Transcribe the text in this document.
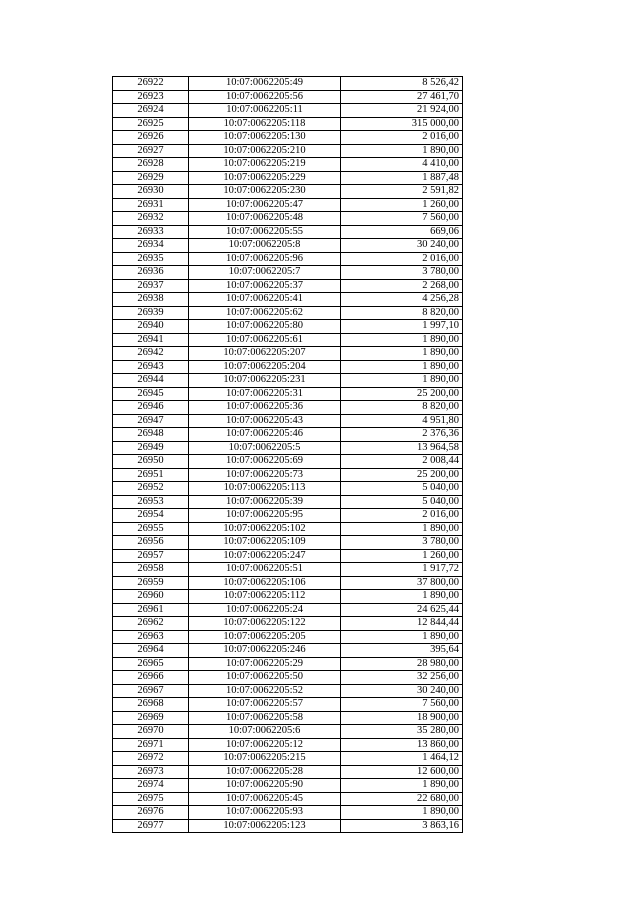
26922	10:07:0062205:49	8 526,42
26923	10:07:0062205:56	27 461,70
26924	10:07:0062205:11	21 924,00
26925	10:07:0062205:118	315 000,00
26926	10:07:0062205:130	2 016,00
26927	10:07:0062205:210	1 890,00
26928	10:07:0062205:219	4 410,00
26929	10:07:0062205:229	1 887,48
26930	10:07:0062205:230	2 591,82
26931	10:07:0062205:47	1 260,00
26932	10:07:0062205:48	7 560,00
26933	10:07:0062205:55	669,06
26934	10:07:0062205:8	30 240,00
26935	10:07:0062205:96	2 016,00
26936	10:07:0062205:7	3 780,00
26937	10:07:0062205:37	2 268,00
26938	10:07:0062205:41	4 256,28
26939	10:07:0062205:62	8 820,00
26940	10:07:0062205:80	1 997,10
26941	10:07:0062205:61	1 890,00
26942	10:07:0062205:207	1 890,00
26943	10:07:0062205:204	1 890,00
26944	10:07:0062205:231	1 890,00
26945	10:07:0062205:31	25 200,00
26946	10:07:0062205:36	8 820,00
26947	10:07:0062205:43	4 951,80
26948	10:07:0062205:46	2 376,36
26949	10:07:0062205:5	13 964,58
26950	10:07:0062205:69	2 008,44
26951	10:07:0062205:73	25 200,00
26952	10:07:0062205:113	5 040,00
26953	10:07:0062205:39	5 040,00
26954	10:07:0062205:95	2 016,00
26955	10:07:0062205:102	1 890,00
26956	10:07:0062205:109	3 780,00
26957	10:07:0062205:247	1 260,00
26958	10:07:0062205:51	1 917,72
26959	10:07:0062205:106	37 800,00
26960	10:07:0062205:112	1 890,00
26961	10:07:0062205:24	24 625,44
26962	10:07:0062205:122	12 844,44
26963	10:07:0062205:205	1 890,00
26964	10:07:0062205:246	395,64
26965	10:07:0062205:29	28 980,00
26966	10:07:0062205:50	32 256,00
26967	10:07:0062205:52	30 240,00
26968	10:07:0062205:57	7 560,00
26969	10:07:0062205:58	18 900,00
26970	10:07:0062205:6	35 280,00
26971	10:07:0062205:12	13 860,00
26972	10:07:0062205:215	1 464,12
26973	10:07:0062205:28	12 600,00
26974	10:07:0062205:90	1 890,00
26975	10:07:0062205:45	22 680,00
26976	10:07:0062205:93	1 890,00
26977	10:07:0062205:123	3 863,16
